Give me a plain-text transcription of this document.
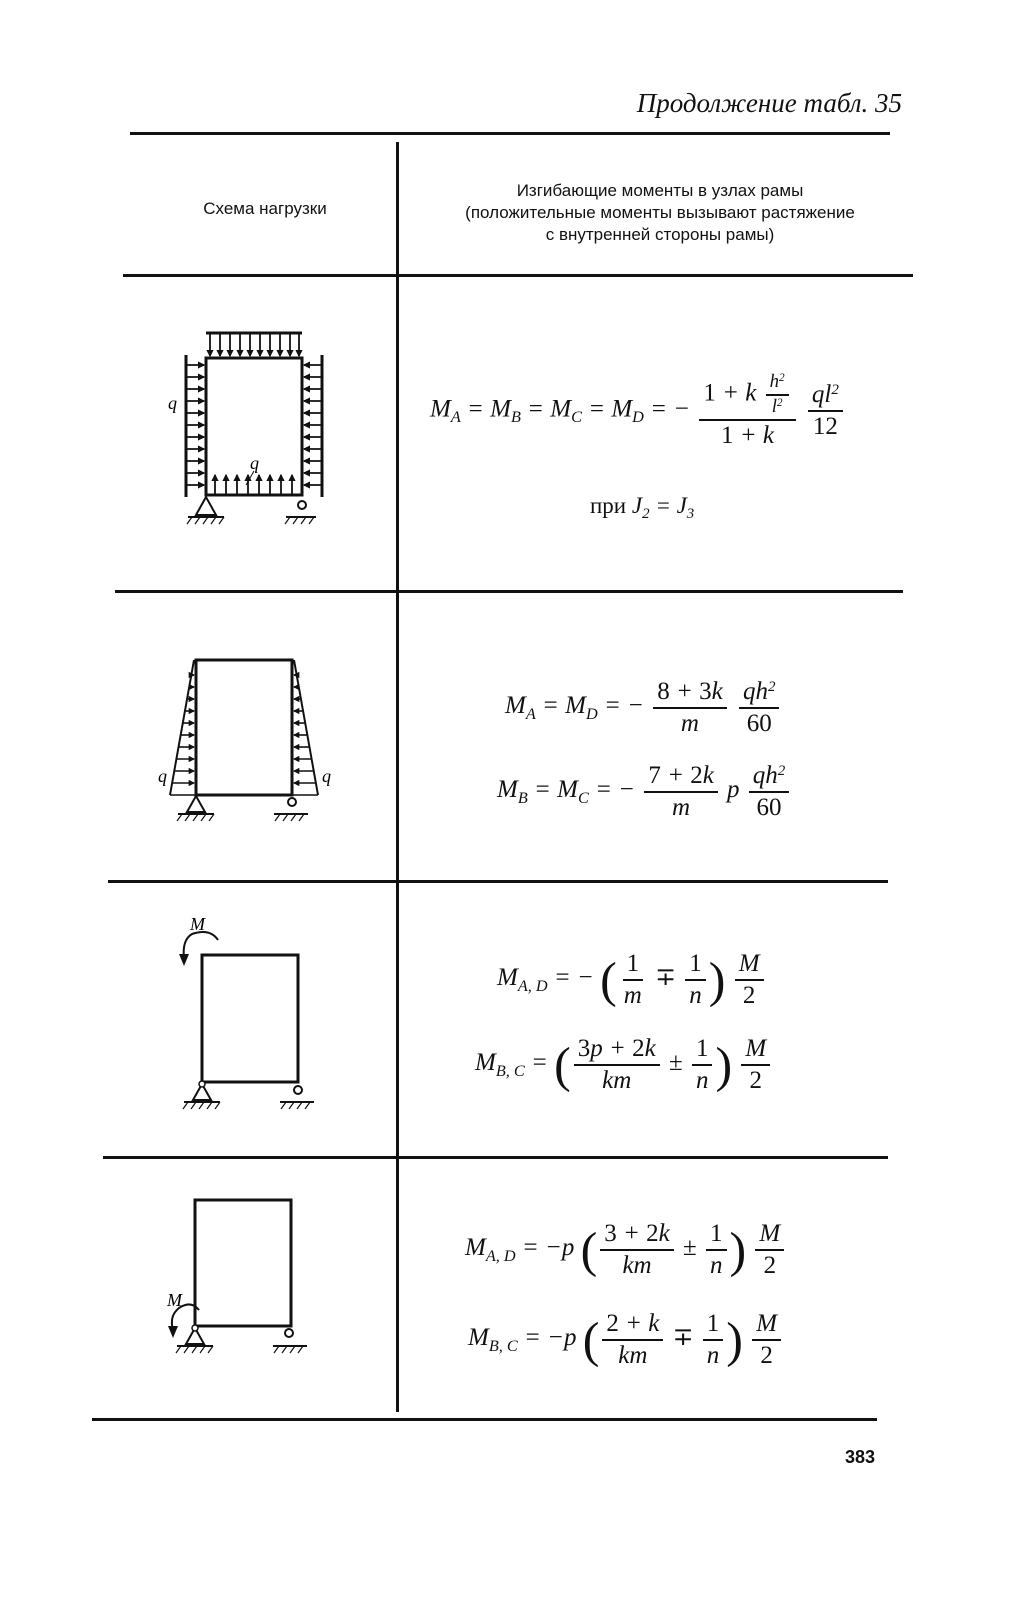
Продолжение табл. 35
Схема нагрузки
Изгибающие моменты в узлах рамы
(положительные моменты вызывают растяжение
с внутренней стороны рамы)
q
q
$M_A = M_B = M_C = M_D$ = − $\frac{1 + k \frac{h^2}{l^2}}{1 + k}$
$\frac{ql^2}{12}$
при $J_2 = J_3$
q	q
$M_A = M_D$ = − $\frac{8 + 3k}{m}$
$\frac{qh^2}{60}$
$M_B = M_C$ = − $\frac{7 + 2k}{m}$ p $\frac{qh^2}{60}$
M
$M_{A, D}$ = − ( $\frac{1}{m} \mp \frac{1}{n}$ ) $\frac{M}{2}$
$M_{B, C}$ = ( $\frac{3p + 2k}{km} \pm \frac{1}{n}$ ) $\frac{M}{2}$
M
$M_{A, D} = -p$ ( $\frac{3 + 2k}{km} \pm \frac{1}{n}$ ) $\frac{M}{2}$
$M_{B, C} = -p$ ( $\frac{2 + k}{km} \mp \frac{1}{n}$ ) $\frac{M}{2}$
383
